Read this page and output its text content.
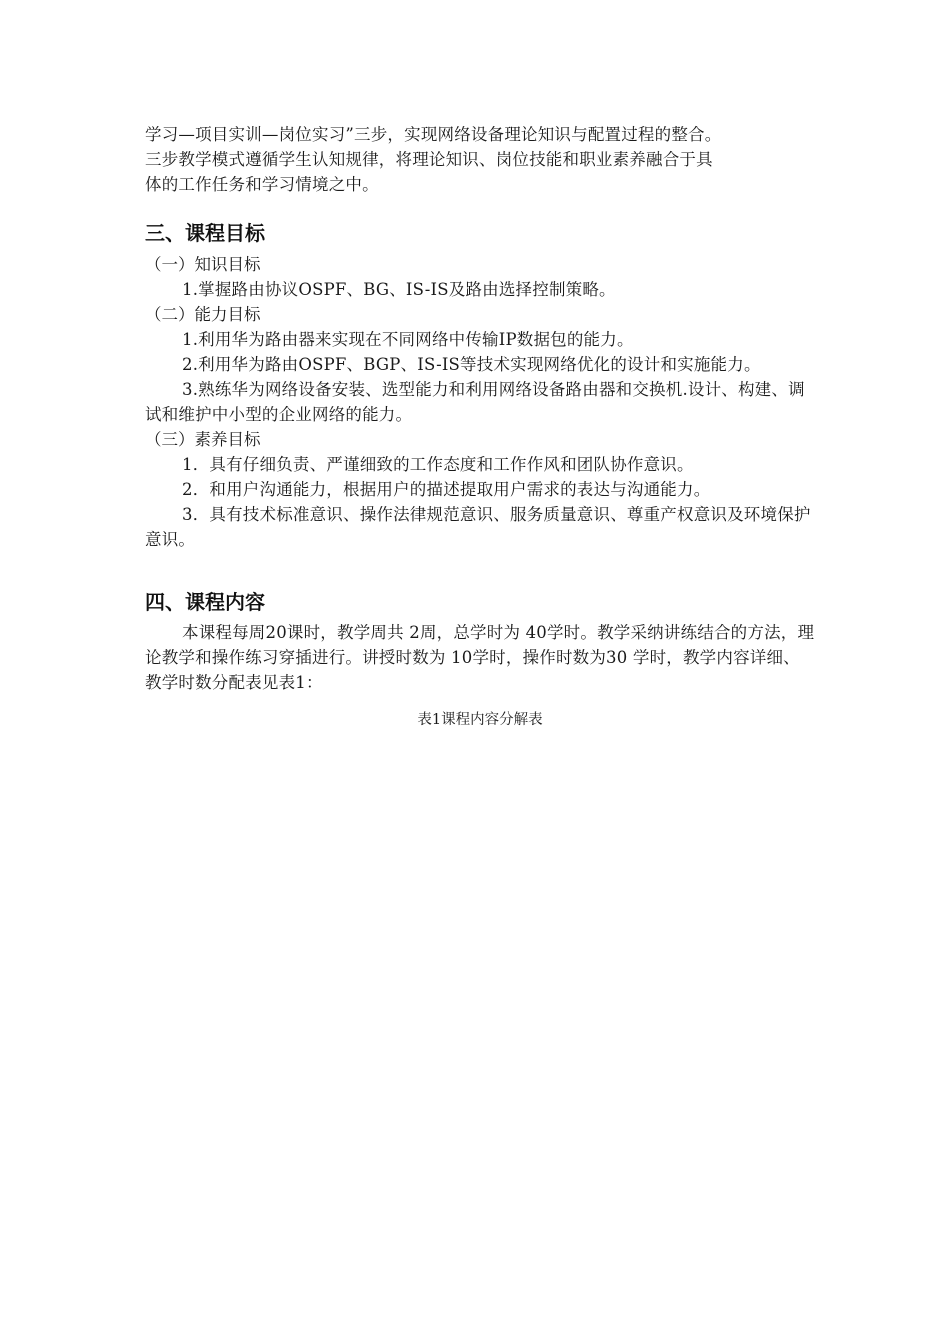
学习—项目实训—岗位实习”三步，实现网络设备理论知识与配置过程的整合。

三步教学模式遵循学生认知规律，将理论知识、岗位技能和职业素养融合于具

体的工作任务和学习情境之中。

三、课程目标

（一）知识目标

1.掌握路由协议OSPF、BG、IS-IS及路由选择控制策略。

（二）能力目标

1.利用华为路由器来实现在不同网络中传输IP数据包的能力。

2.利用华为路由OSPF、BGP、IS-IS等技术实现网络优化的设计和实施能力。

3.熟练华为网络设备安装、选型能力和利用网络设备路由器和交换机.设计、构建、调试和维护中小型的企业网络的能力。

（三）素养目标

1．具有仔细负责、严谨细致的工作态度和工作作风和团队协作意识。

2．和用户沟通能力，根据用户的描述提取用户需求的表达与沟通能力。

3．具有技术标准意识、操作法律规范意识、服务质量意识、尊重产权意识及环境保护意识。

四、课程内容

本课程每周20课时，教学周共 2周，总学时为 40学时。教学采纳讲练结合的方法，理论教学和操作练习穿插进行。讲授时数为 10学时，操作时数为30 学时，教学内容详细、教学时数分配表见表1：

表1课程内容分解表
